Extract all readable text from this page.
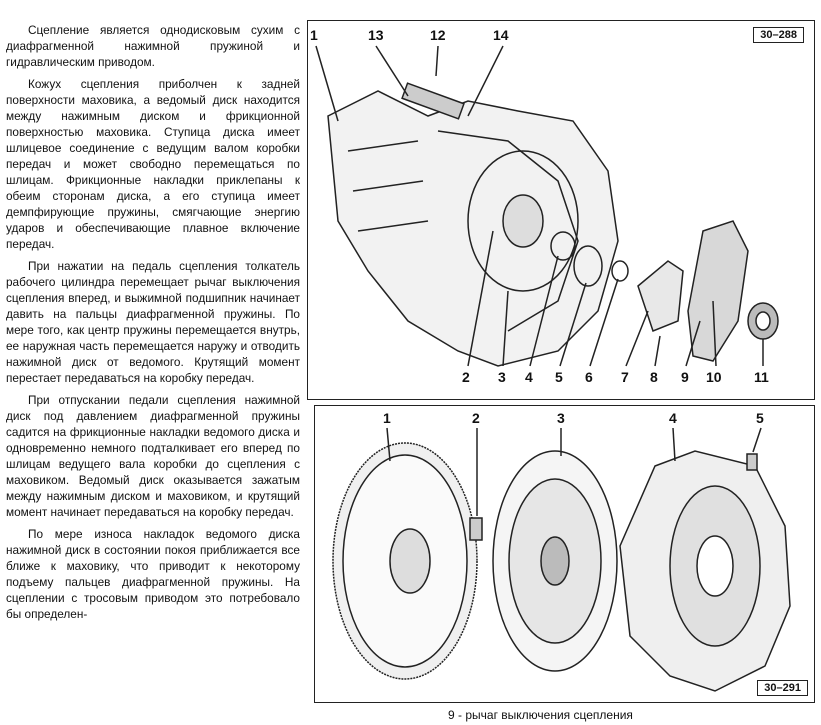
Сцепление является однодисковым сухим с диафрагменной нажимной пружиной и гидравлическим приводом.

Кожух сцепления приболчен к задней поверхности маховика, а ведомый диск находится между нажимным диском и фрикционной поверхностью маховика. Ступица диска имеет шлицевое соединение с ведущим валом коробки передач и может свободно перемещаться по шлицам. Фрикционные накладки приклепаны к обеим сторонам диска, а его ступица имеет демпфирующие пружины, смягчающие энергию ударов и обеспечивающие плавное включение передач.

При нажатии на педаль сцепления толкатель рабочего цилиндра перемещает рычаг выключения сцепления вперед, и выжимной подшипник начинает давить на пальцы диафрагменной пружины. По мере того, как центр пружины перемещается внутрь, ее наружная часть перемещается наружу и отводить нажимной диск от ведомого. Крутящий момент перестает передаваться на коробку передач.

При отпускании педали сцепления нажимной диск под давлением диафрагменной пружины садится на фрикционные накладки ведомого диска и одновременно немного подталкивает его вперед по шлицам ведущего вала коробки до сцепления с маховиком. Ведомый диск оказывается зажатым между нажимным диском и маховиком, и крутящий момент начинает передаваться на коробку передач.

По мере износа накладок ведомого диска нажимной диск в состоянии покоя приближается все ближе к маховику, что приводит к некоторому подъему пальцев диафрагменной пружины. На сцеплении с тросовым приводом это потребовало бы определен-

30–288
1	13	12	14
2 3 4 5 6 7 8 9 10 11
1	2	3	4	5
30–291
9 - рычаг выключения сцепления
